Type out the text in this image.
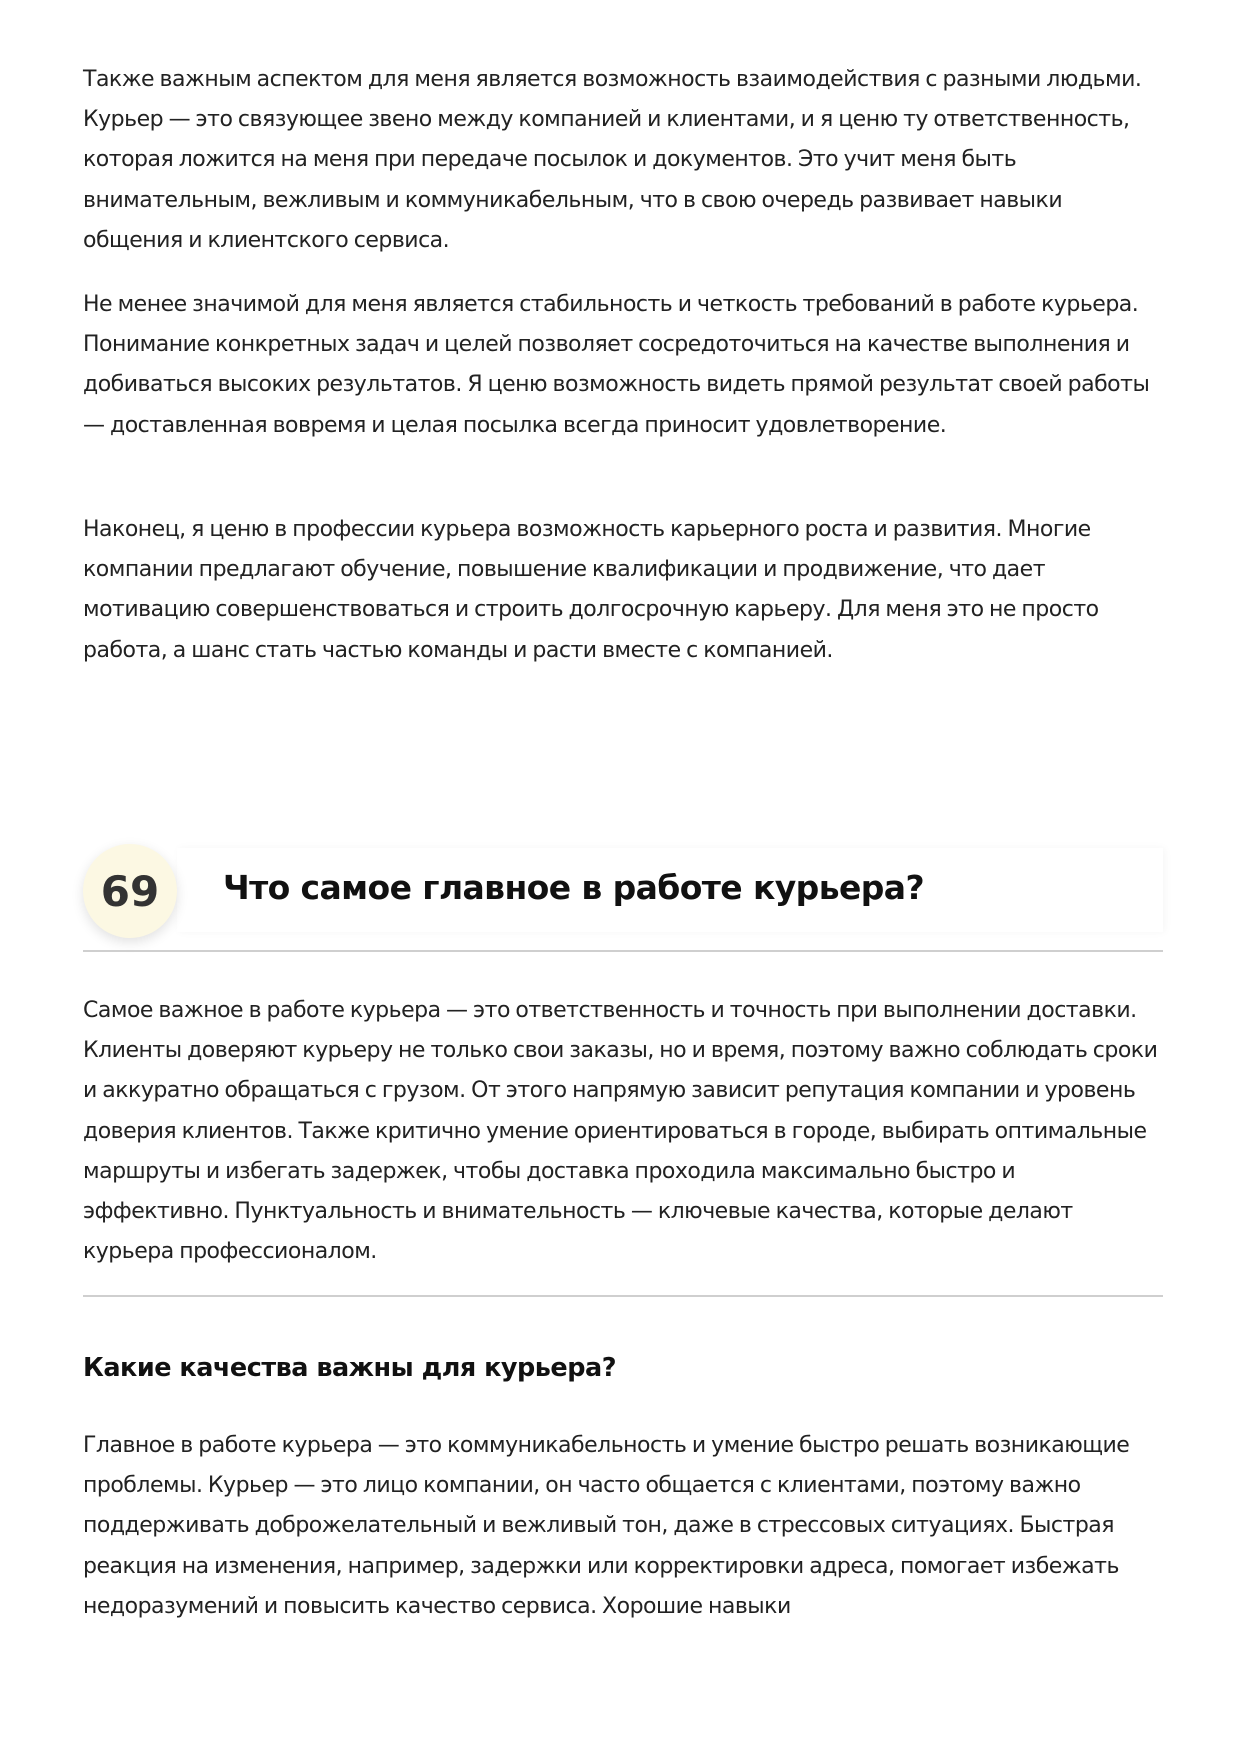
Также важным аспектом для меня является возможность взаимодействия с разными людьми. Курьер — это связующее звено между компанией и клиентами, и я ценю ту ответственность, которая ложится на меня при передаче посылок и документов. Это учит меня быть внимательным, вежливым и коммуникабельным, что в свою очередь развивает навыки общения и клиентского сервиса.

Не менее значимой для меня является стабильность и четкость требований в работе курьера. Понимание конкретных задач и целей позволяет сосредоточиться на качестве выполнения и добиваться высоких результатов. Я ценю возможность видеть прямой результат своей работы — доставленная вовремя и целая посылка всегда приносит удовлетворение.

Наконец, я ценю в профессии курьера возможность карьерного роста и развития. Многие компании предлагают обучение, повышение квалификации и продвижение, что дает мотивацию совершенствоваться и строить долгосрочную карьеру. Для меня это не просто работа, а шанс стать частью команды и расти вместе с компанией.

69 Что самое главное в работе курьера?

Самое важное в работе курьера — это ответственность и точность при выполнении доставки. Клиенты доверяют курьеру не только свои заказы, но и время, поэтому важно соблюдать сроки и аккуратно обращаться с грузом. От этого напрямую зависит репутация компании и уровень доверия клиентов. Также критично умение ориентироваться в городе, выбирать оптимальные маршруты и избегать задержек, чтобы доставка проходила максимально быстро и эффективно. Пунктуальность и внимательность — ключевые качества, которые делают курьера профессионалом.

Какие качества важны для курьера?

Главное в работе курьера — это коммуникабельность и умение быстро решать возникающие проблемы. Курьер — это лицо компании, он часто общается с клиентами, поэтому важно поддерживать доброжелательный и вежливый тон, даже в стрессовых ситуациях. Быстрая реакция на изменения, например, задержки или корректировки адреса, помогает избежать недоразумений и повысить качество сервиса. Хорошие навыки
